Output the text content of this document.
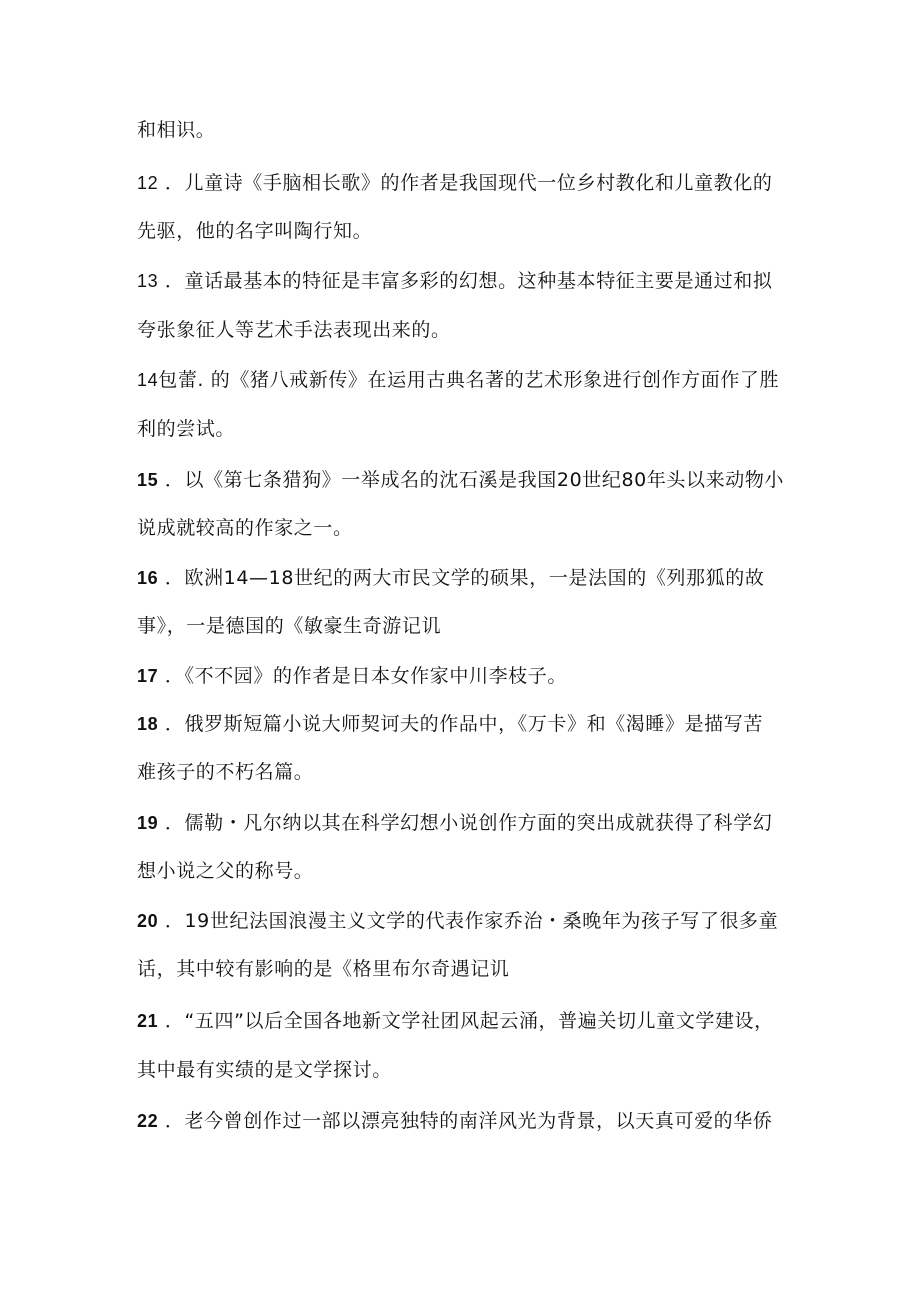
和相识。
12 ．儿童诗《手脑相长歌》的作者是我国现代一位乡村教化和儿童教化的
先驱，他的名字叫陶行知。
13 ．童话最基本的特征是丰富多彩的幻想。这种基本特征主要是通过和拟
夸张象征人等艺术手法表现出来的。
14包蕾. 的《猪八戒新传》在运用古典名著的艺术形象进行创作方面作了胜
利的尝试。
15 ．以《第七条猎狗》一举成名的沈石溪是我国20世纪80年头以来动物小
说成就较高的作家之一。
16 ．欧洲14—18世纪的两大市民文学的硕果，一是法国的《列那狐的故
事》，一是德国的《敏豪生奇游记讥
17 ．《不不园》的作者是日本女作家中川李枝子。
18 ．俄罗斯短篇小说大师契诃夫的作品中，《万卡》和《渴睡》是描写苦
难孩子的不朽名篇。
19 ．儒勒・凡尔纳以其在科学幻想小说创作方面的突出成就获得了科学幻
想小说之父的称号。
20 ．19世纪法国浪漫主义文学的代表作家乔治・桑晚年为孩子写了很多童
话，其中较有影响的是《格里布尔奇遇记讥
21 ．“五四”以后全国各地新文学社团风起云涌，普遍关切儿童文学建设，
其中最有实绩的是文学探讨。
22 ．老今曾创作过一部以漂亮独特的南洋风光为背景，以天真可爱的华侨
